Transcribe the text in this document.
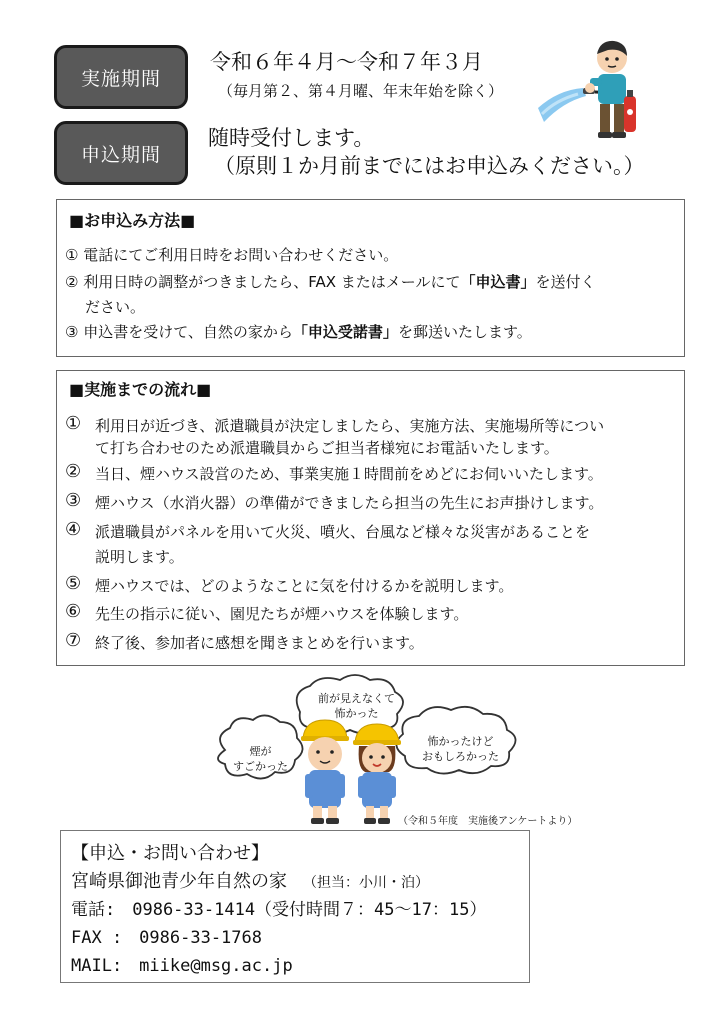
実施期間
令和６年４月～令和７年３月
（毎月第２、第４月曜、年末年始を除く）
申込期間
随時受付します。
（原則１か月前までにはお申込みください。）
■お申込み方法■
① 電話にてご利用日時をお問い合わせください。
② 利用日時の調整がつきましたら、FAX またはメールにて「申込書」を送付く
ださい。
③ 申込書を受けて、自然の家から「申込受諾書」を郵送いたします。
■実施までの流れ■
① 利用日が近づき、派遣職員が決定しましたら、実施方法、実施場所等につい
て打ち合わせのため派遣職員からご担当者様宛にお電話いたします。
② 当日、煙ハウス設営のため、事業実施１時間前をめどにお伺いいたします。
③ 煙ハウス（水消火器）の準備ができましたら担当の先生にお声掛けします。
④ 派遣職員がパネルを用いて火災、噴火、台風など様々な災害があることを
説明します。
⑤ 煙ハウスでは、どのようなことに気を付けるかを説明します。
⑥ 先生の指示に従い、園児たちが煙ハウスを体験します。
⑦ 終了後、参加者に感想を聞きまとめを行います。
前が見えなくて
怖かった
煙が
すごかった
怖かったけど
おもしろかった
（令和５年度　実施後アンケートより）
【申込・お問い合わせ】
宮崎県御池青少年自然の家 （担当：小川・泊）
電話:　0986-33-1414（受付時間７：45～17：15）
FAX :　0986-33-1768
MAIL:　miike@msg.ac.jp
